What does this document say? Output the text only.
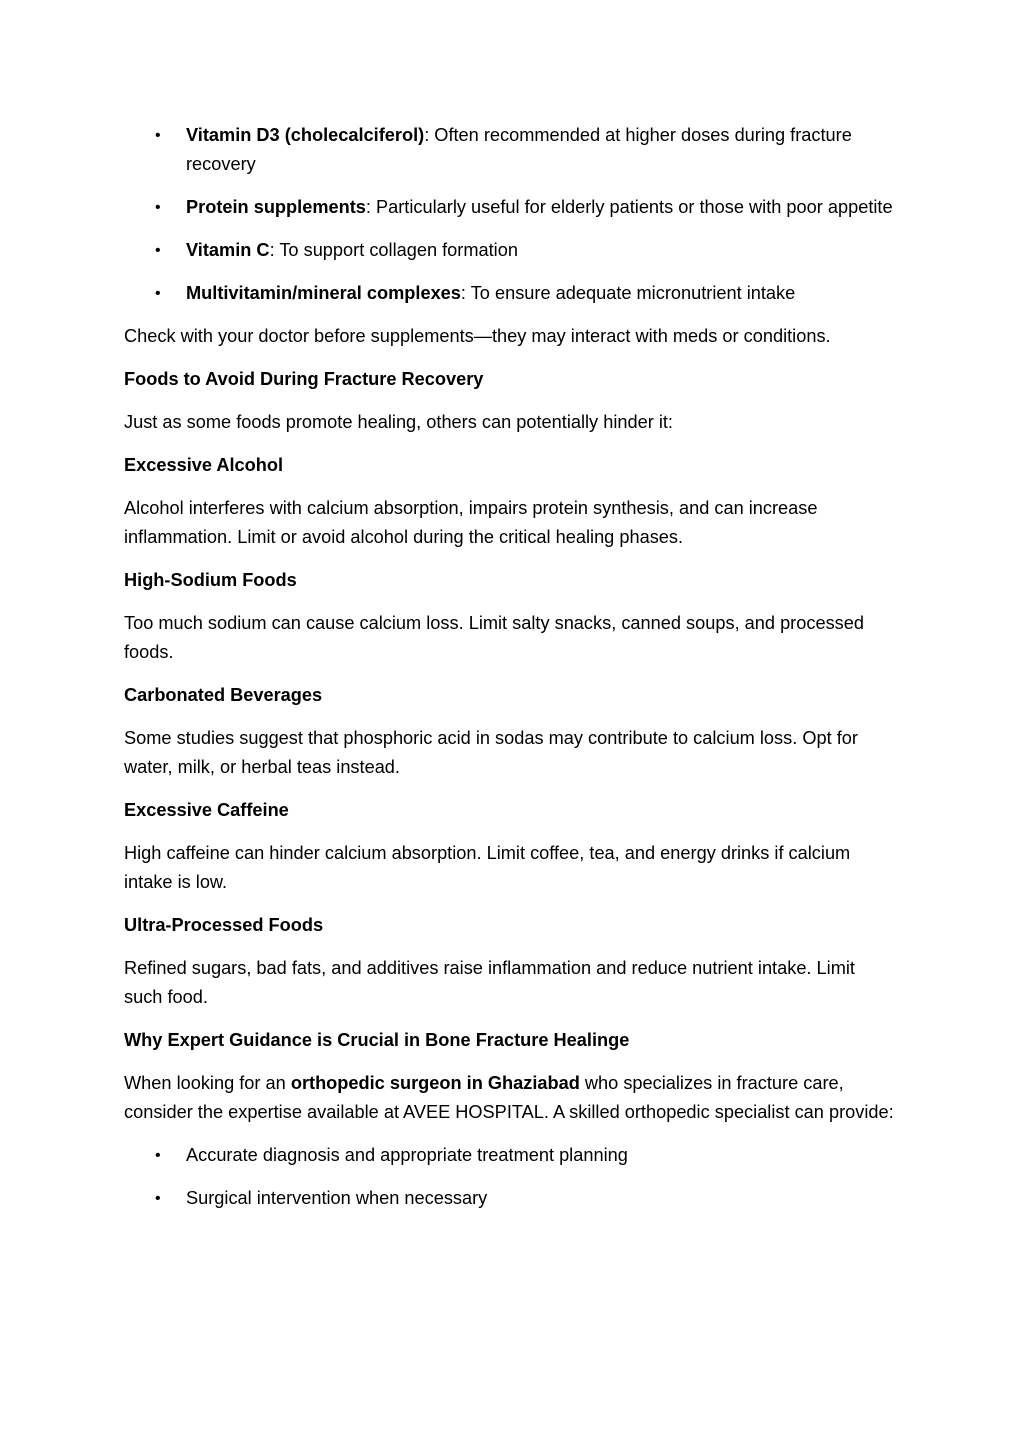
• Vitamin D3 (cholecalciferol): Often recommended at higher doses during fracture recovery
• Protein supplements: Particularly useful for elderly patients or those with poor appetite
• Vitamin C: To support collagen formation
• Multivitamin/mineral complexes: To ensure adequate micronutrient intake

Check with your doctor before supplements—they may interact with meds or conditions.

Foods to Avoid During Fracture Recovery

Just as some foods promote healing, others can potentially hinder it:

Excessive Alcohol

Alcohol interferes with calcium absorption, impairs protein synthesis, and can increase inflammation. Limit or avoid alcohol during the critical healing phases.

High-Sodium Foods

Too much sodium can cause calcium loss. Limit salty snacks, canned soups, and processed foods.

Carbonated Beverages

Some studies suggest that phosphoric acid in sodas may contribute to calcium loss. Opt for water, milk, or herbal teas instead.

Excessive Caffeine

High caffeine can hinder calcium absorption. Limit coffee, tea, and energy drinks if calcium intake is low.

Ultra-Processed Foods

Refined sugars, bad fats, and additives raise inflammation and reduce nutrient intake. Limit such food.

Why Expert Guidance is Crucial in Bone Fracture Healinge

When looking for an orthopedic surgeon in Ghaziabad who specializes in fracture care, consider the expertise available at AVEE HOSPITAL. A skilled orthopedic specialist can provide:

• Accurate diagnosis and appropriate treatment planning
• Surgical intervention when necessary
